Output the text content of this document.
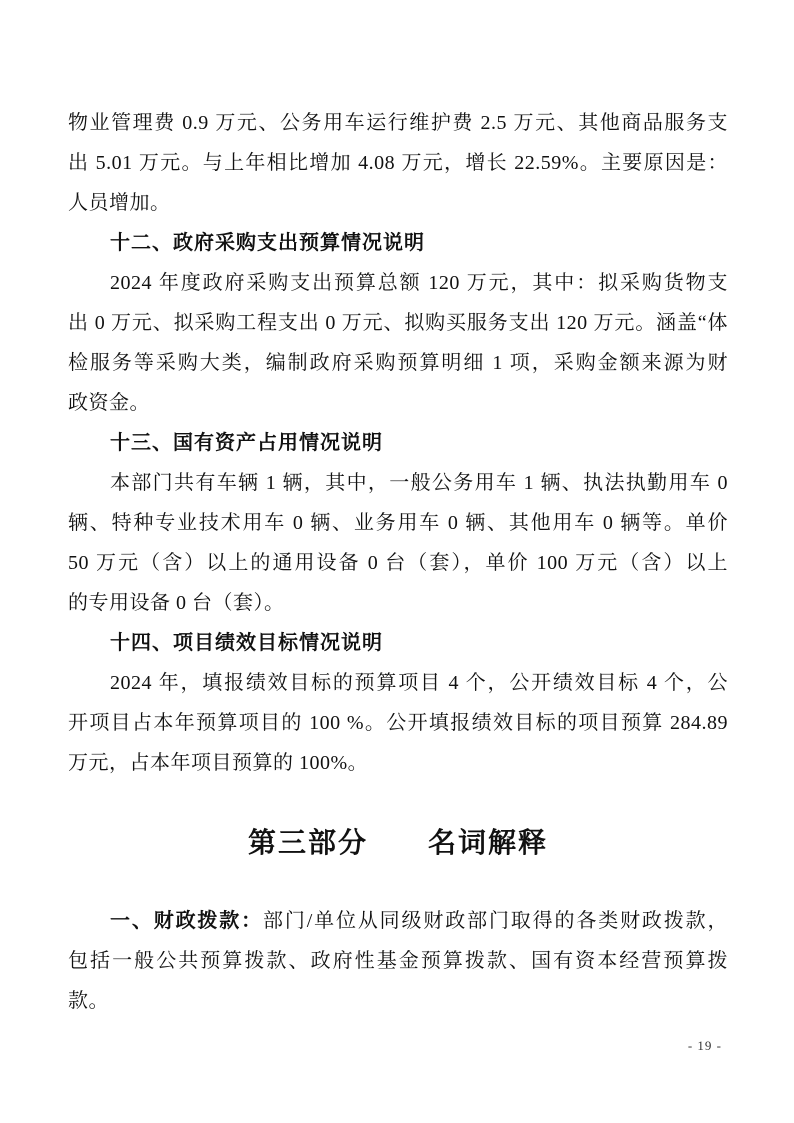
物业管理费 0.9 万元、公务用车运行维护费 2.5 万元、其他商品服务支
出 5.01 万元。与上年相比增加 4.08 万元，增长 22.59%。主要原因是：
人员增加。
十二、政府采购支出预算情况说明
2024 年度政府采购支出预算总额 120 万元，其中：拟采购货物支
出 0 万元、拟采购工程支出 0 万元、拟购买服务支出 120 万元。涵盖“体
检服务等采购大类，编制政府采购预算明细 1 项，采购金额来源为财
政资金。
十三、国有资产占用情况说明
本部门共有车辆 1 辆，其中，一般公务用车 1 辆、执法执勤用车 0
辆、特种专业技术用车 0 辆、业务用车 0 辆、其他用车 0 辆等。单价
50 万元（含）以上的通用设备 0 台（套），单价 100 万元（含）以上
的专用设备 0 台（套）。
十四、项目绩效目标情况说明
2024 年，填报绩效目标的预算项目 4 个，公开绩效目标 4 个，公
开项目占本年预算项目的 100 %。公开填报绩效目标的项目预算 284.89
万元，占本年项目预算的 100%。
第三部分　　名词解释
一、财政拨款：部门/单位从同级财政部门取得的各类财政拨款，
包括一般公共预算拨款、政府性基金预算拨款、国有资本经营预算拨
款。
- 19 -
